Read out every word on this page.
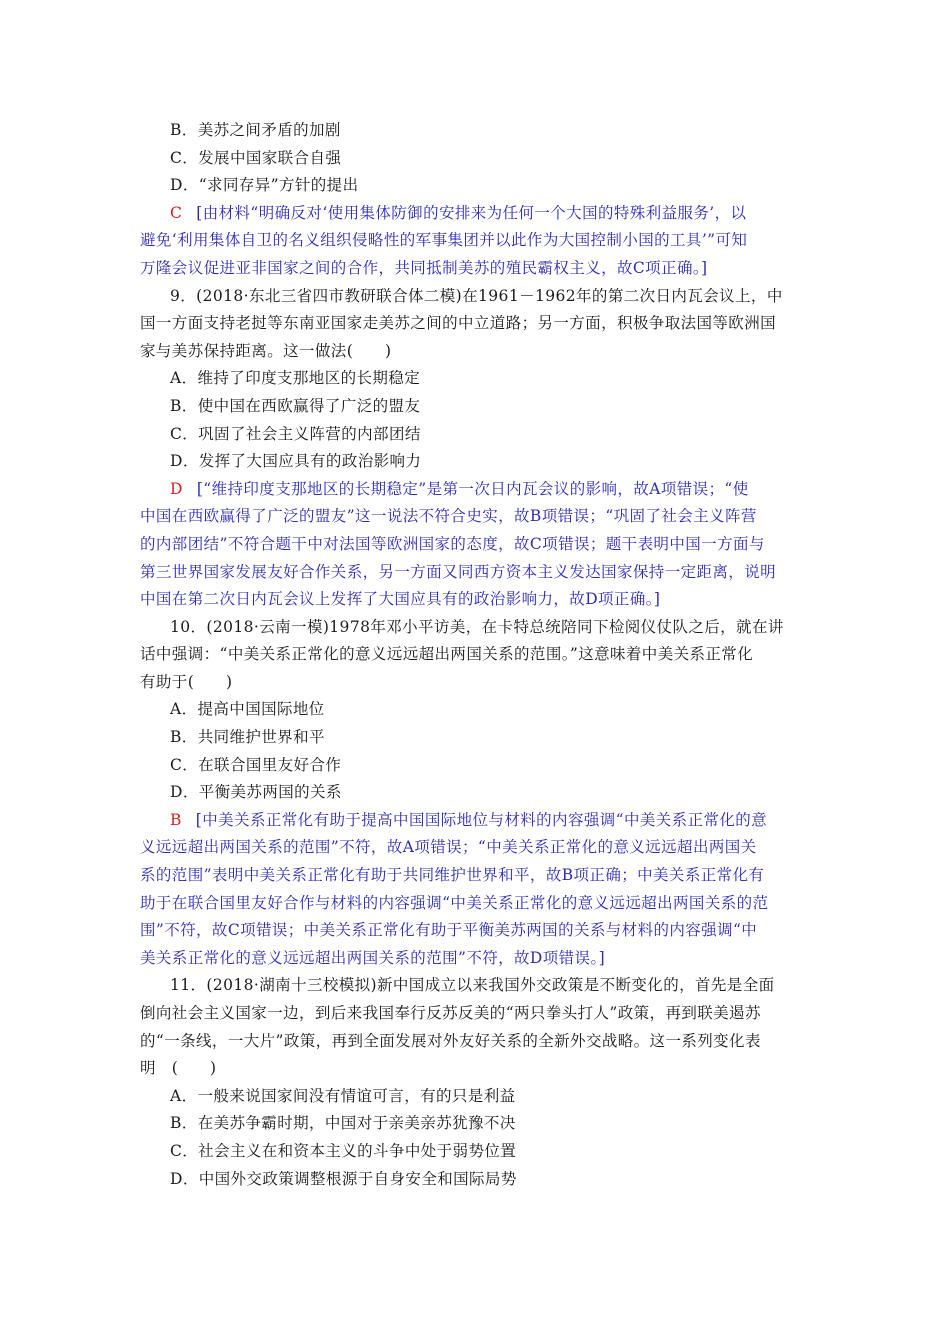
B．美苏之间矛盾的加剧
C．发展中国家联合自强
D．“求同存异”方针的提出
C [由材料“明确反对‘使用集体防御的安排来为任何一个大国的特殊利益服务’，以
避免‘利用集体自卫的名义组织侵略性的军事集团并以此作为大国控制小国的工具’”可知
万隆会议促进亚非国家之间的合作，共同抵制美苏的殖民霸权主义，故C项正确。]
9．(2018·东北三省四市教研联合体二模)在1961－1962年的第二次日内瓦会议上，中
国一方面支持老挝等东南亚国家走美苏之间的中立道路；另一方面，积极争取法国等欧洲国
家与美苏保持距离。这一做法(　　)
A．维持了印度支那地区的长期稳定
B．使中国在西欧赢得了广泛的盟友
C．巩固了社会主义阵营的内部团结
D．发挥了大国应具有的政治影响力
D [“维持印度支那地区的长期稳定”是第一次日内瓦会议的影响，故A项错误；“使
中国在西欧赢得了广泛的盟友”这一说法不符合史实，故B项错误；“巩固了社会主义阵营
的内部团结”不符合题干中对法国等欧洲国家的态度，故C项错误；题干表明中国一方面与
第三世界国家发展友好合作关系，另一方面又同西方资本主义发达国家保持一定距离，说明
中国在第二次日内瓦会议上发挥了大国应具有的政治影响力，故D项正确。]
10．(2018·云南一模)1978年邓小平访美，在卡特总统陪同下检阅仪仗队之后，就在讲
话中强调：“中美关系正常化的意义远远超出两国关系的范围。”这意味着中美关系正常化
有助于(　　)
A．提高中国国际地位
B．共同维护世界和平
C．在联合国里友好合作
D．平衡美苏两国的关系
B [中美关系正常化有助于提高中国国际地位与材料的内容强调“中美关系正常化的意
义远远超出两国关系的范围”不符，故A项错误；“中美关系正常化的意义远远超出两国关
系的范围”表明中美关系正常化有助于共同维护世界和平，故B项正确；中美关系正常化有
助于在联合国里友好合作与材料的内容强调“中美关系正常化的意义远远超出两国关系的范
围”不符，故C项错误；中美关系正常化有助于平衡美苏两国的关系与材料的内容强调“中
美关系正常化的意义远远超出两国关系的范围”不符，故D项错误。]
11．(2018·湖南十三校模拟)新中国成立以来我国外交政策是不断变化的，首先是全面
倒向社会主义国家一边，到后来我国奉行反苏反美的“两只拳头打人”政策，再到联美遏苏
的“一条线，一大片”政策，再到全面发展对外友好关系的全新外交战略。这一系列变化表
明　(　　)
A．一般来说国家间没有情谊可言，有的只是利益
B．在美苏争霸时期，中国对于亲美亲苏犹豫不决
C．社会主义在和资本主义的斗争中处于弱势位置
D．中国外交政策调整根源于自身安全和国际局势
